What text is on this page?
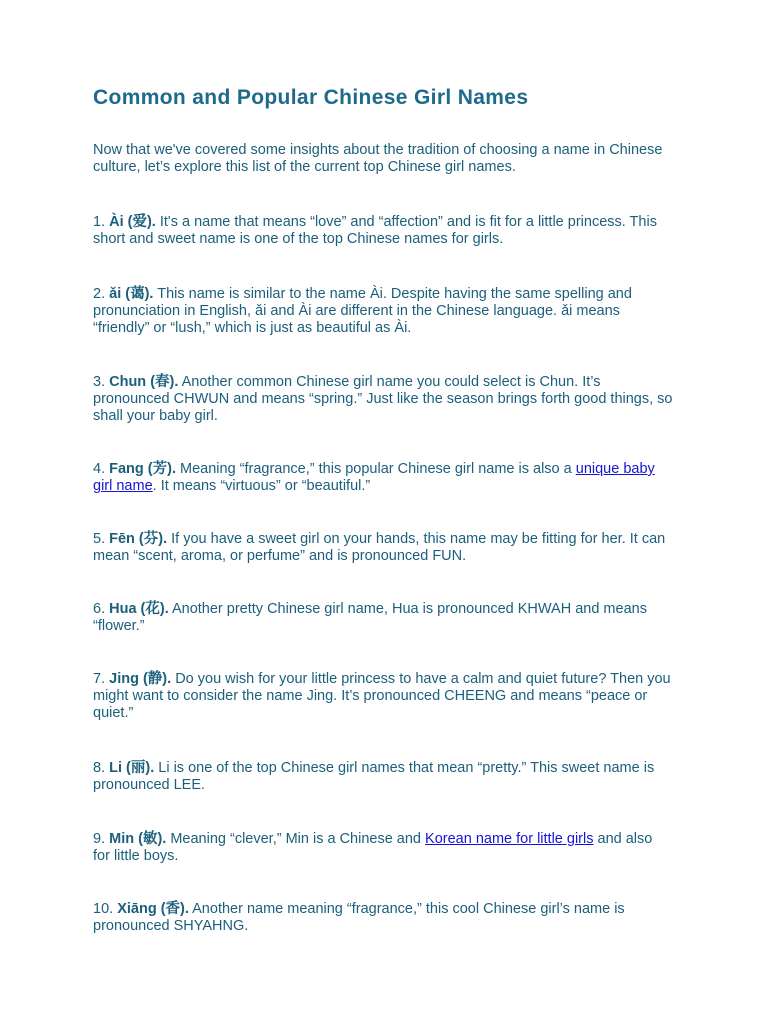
Common and Popular Chinese Girl Names

Now that we've covered some insights about the tradition of choosing a name in Chinese culture, let’s explore this list of the current top Chinese girl names.

1. Ài (爱). It's a name that means “love” and “affection” and is fit for a little princess. This short and sweet name is one of the top Chinese names for girls.

2. ǎi (蔼). This name is similar to the name Ài. Despite having the same spelling and pronunciation in English, ǎi and Ài are different in the Chinese language. ǎi means “friendly” or “lush,” which is just as beautiful as Ài.

3. Chun (春). Another common Chinese girl name you could select is Chun. It’s pronounced CHWUN and means “spring.” Just like the season brings forth good things, so shall your baby girl.

4. Fang (芳). Meaning “fragrance,” this popular Chinese girl name is also a unique baby girl name. It means “virtuous” or “beautiful.”

5. Fēn (芬). If you have a sweet girl on your hands, this name may be fitting for her. It can mean “scent, aroma, or perfume” and is pronounced FUN.

6. Hua (花). Another pretty Chinese girl name, Hua is pronounced KHWAH and means “flower.”

7. Jing (静). Do you wish for your little princess to have a calm and quiet future? Then you might want to consider the name Jing. It’s pronounced CHEENG and means “peace or quiet.”

8. Li (丽). Li is one of the top Chinese girl names that mean “pretty.” This sweet name is pronounced LEE.

9. Min (敏). Meaning “clever,” Min is a Chinese and Korean name for little girls and also for little boys.

10. Xiāng (香). Another name meaning “fragrance,” this cool Chinese girl’s name is pronounced SHYAHNG.
